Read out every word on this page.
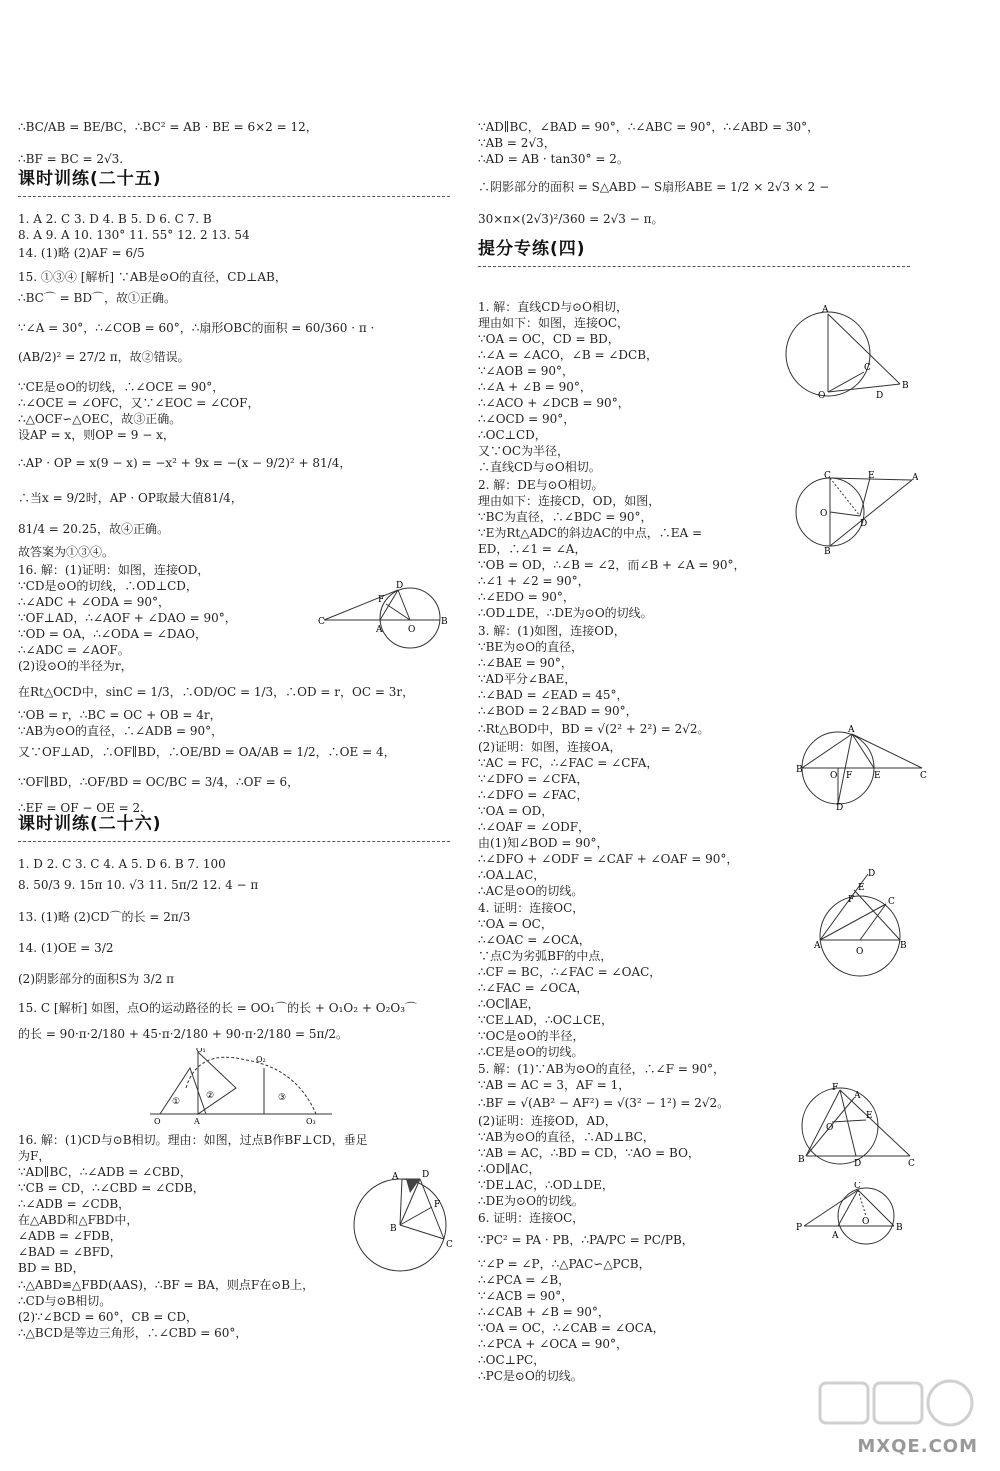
课时训练(二十五)
课时训练(二十六)
C
A	O
B
D
F
①
②	③
O	A
O₁
O₂
O₃
A	D
F
B
C
∴BC/AB = BE/BC，∴BC² = AB · BE = 6×2 = 12，
∴BF = BC = 2√3.
1. A 2. C 3. D 4. B 5. D 6. C 7. B
8. A 9. A 10. 130° 11. 55° 12. 2 13. 54
14. (1)略 (2)AF = 6/5
15. ①③④ [解析] ∵AB是⊙O的直径，CD⊥AB，
∴BC⌒ = BD⌒，故①正确。
∵∠A = 30°，∴∠COB = 60°，∴扇形OBC的面积 = 60/360 · π ·
(AB/2)² = 27/2 π，故②错误。
∵CE是⊙O的切线，∴∠OCE = 90°，
∴∠OCE = ∠OFC，又∵∠EOC = ∠COF，
∴△OCF∽△OEC，故③正确。
设AP = x，则OP = 9 − x，
∴AP · OP = x(9 − x) = −x² + 9x = −(x − 9/2)² + 81/4，
∴当x = 9/2时，AP · OP取最大值81/4，
81/4 = 20.25，故④正确。
故答案为①③④。
16. 解：(1)证明：如图，连接OD，
∵CD是⊙O的切线，∴OD⊥CD，
∴∠ADC + ∠ODA = 90°，
∵OF⊥AD，∴∠AOF + ∠DAO = 90°，
∵OD = OA，∴∠ODA = ∠DAO，
∴∠ADC = ∠AOF。
(2)设⊙O的半径为r，
在Rt△OCD中，sinC = 1/3，∴OD/OC = 1/3，∴OD = r，OC = 3r，
∵OB = r，∴BC = OC + OB = 4r，
∵AB为⊙O的直径，∴∠ADB = 90°，
又∵OF⊥AD，∴OF∥BD，∴OE/BD = OA/AB = 1/2，∴OE = 4，
∵OF∥BD，∴OF/BD = OC/BC = 3/4，∴OF = 6，
∴EF = OF − OE = 2.
1. D 2. C 3. C 4. A 5. D 6. B 7. 100
8. 50/3 9. 15π 10. √3 11. 5π/2 12. 4 − π
13. (1)略 (2)CD⌒的长 = 2π/3
14. (1)OE = 3/2
(2)阴影部分的面积S为 3/2 π
15. C [解析] 如图，点O的运动路径的长 = OO₁⌒的长 + O₁O₂ + O₂O₃⌒
的长 = 90·π·2/180 + 45·π·2/180 + 90·π·2/180 = 5π/2。
16. 解：(1)CD与⊙B相切。理由：如图，过点B作BF⊥CD，垂足
为F，
∵AD∥BC，∴∠ADB = ∠CBD，
∵CB = CD，∴∠CBD = ∠CDB，
∴∠ADB = ∠CDB，
在△ABD和△FBD中，
∠ADB = ∠FDB，
∠BAD = ∠BFD，
BD = BD，
∴△ABD≌△FBD(AAS)，∴BF = BA，则点F在⊙B上，
∴CD与⊙B相切。
(2)∵∠BCD = 60°，CB = CD，
∴△BCD是等边三角形，∴∠CBD = 60°，
提分专练(四)
A
O
B
C
D
C	E	A
O
D
B
A
B
O F E	C
D
D
F	C
A	B
O
E
F
A
E
B	D	C
O
P
A
C
O
B
∵AD∥BC，∠BAD = 90°，∴∠ABC = 90°，∴∠ABD = 30°，
∵AB = 2√3，
∴AD = AB · tan30° = 2。
∴阴影部分的面积 = S△ABD − S扇形ABE = 1/2 × 2√3 × 2 −
30×π×(2√3)²/360 = 2√3 − π。
1. 解：直线CD与⊙O相切，
理由如下：如图，连接OC，
∵OA = OC，CD = BD，
∴∠A = ∠ACO，∠B = ∠DCB，
∵∠AOB = 90°，
∴∠A + ∠B = 90°，
∴∠ACO + ∠DCB = 90°，
∴∠OCD = 90°，
∴OC⊥CD，
又∵OC为半径，
∴直线CD与⊙O相切。
2. 解：DE与⊙O相切。
理由如下：连接CD，OD，如图，
∵BC为直径，∴∠BDC = 90°，
∵E为Rt△ADC的斜边AC的中点，∴EA =
ED，∴∠1 = ∠A，
∵OB = OD，∴∠B = ∠2，而∠B + ∠A = 90°，
∴∠1 + ∠2 = 90°，
∴∠EDO = 90°，
∴OD⊥DE，∴DE为⊙O的切线。
3. 解：(1)如图，连接OD，
∵BE为⊙O的直径，
∴∠BAE = 90°，
∵AD平分∠BAE，
∴∠BAD = ∠EAD = 45°，
∴∠BOD = 2∠BAD = 90°，
∴Rt△BOD中，BD = √(2² + 2²) = 2√2。
(2)证明：如图，连接OA，
∵AC = FC，∴∠FAC = ∠CFA，
∵∠DFO = ∠CFA，
∴∠DFO = ∠FAC，
∵OA = OD，
∴∠OAF = ∠ODF，
由(1)知∠BOD = 90°，
∴∠DFO + ∠ODF = ∠CAF + ∠OAF = 90°，
∴OA⊥AC，
∴AC是⊙O的切线。
4. 证明：连接OC，
∵OA = OC，
∴∠OAC = ∠OCA，
∵点C为劣弧BF的中点，
∴CF = BC，∴∠FAC = ∠OAC，
∴∠FAC = ∠OCA，
∴OC∥AE，
∵CE⊥AD，∴OC⊥CE，
∵OC是⊙O的半径，
∴CE是⊙O的切线。
5. 解：(1)∵AB为⊙O的直径，∴∠F = 90°，
∵AB = AC = 3，AF = 1，
∴BF = √(AB² − AF²) = √(3² − 1²) = 2√2。
(2)证明：连接OD，AD，
∵AB为⊙O的直径，∴AD⊥BC，
∵AB = AC，∴BD = CD，∵AO = BO，
∴OD∥AC，
∵DE⊥AC，∴OD⊥DE，
∴DE为⊙O的切线。
6. 证明：连接OC，
∵PC² = PA · PB，∴PA/PC = PC/PB，
∵∠P = ∠P，∴△PAC∽△PCB，
∴∠PCA = ∠B，
∵∠ACB = 90°，
∴∠CAB + ∠B = 90°，
∵OA = OC，∴∠CAB = ∠OCA，
∴∠PCA + ∠OCA = 90°，
∴OC⊥PC，
∴PC是⊙O的切线。
MXQE.COM
